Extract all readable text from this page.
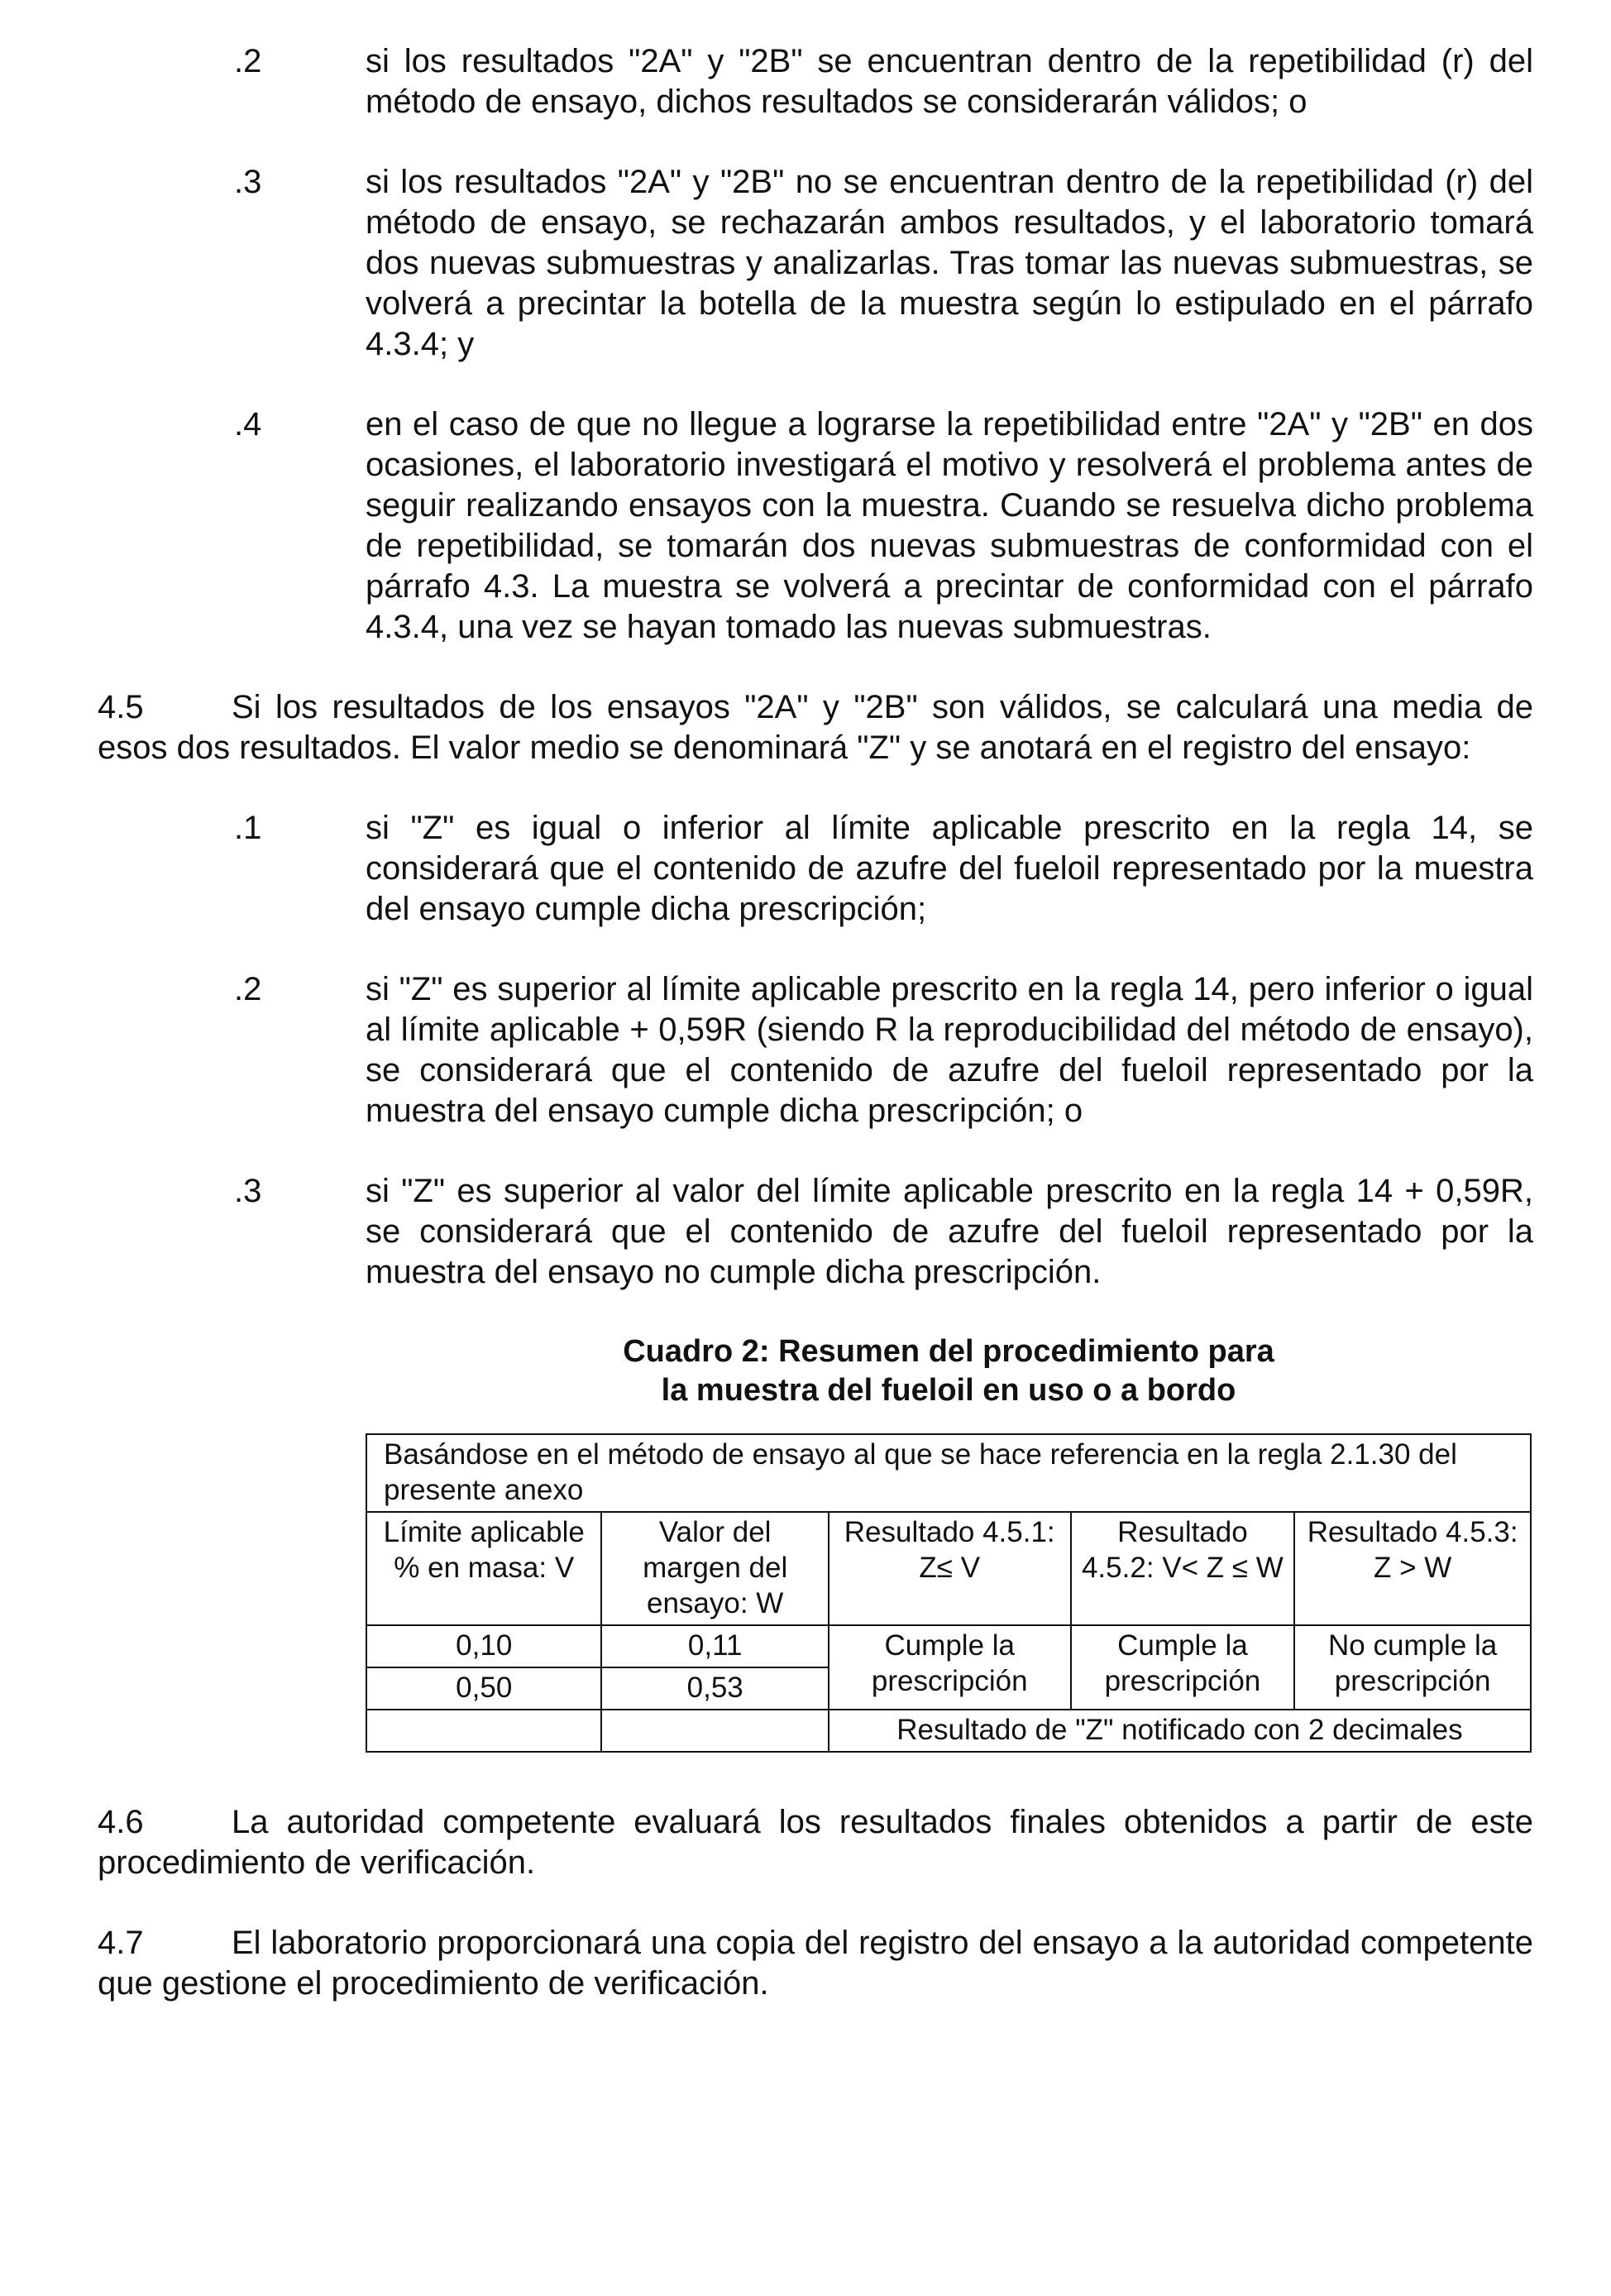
.2	si los resultados "2A" y "2B" se encuentran dentro de la repetibilidad (r) del método de ensayo, dichos resultados se considerarán válidos; o
.3	si los resultados "2A" y "2B" no se encuentran dentro de la repetibilidad (r) del método de ensayo, se rechazarán ambos resultados, y el laboratorio tomará dos nuevas submuestras y analizarlas. Tras tomar las nuevas submuestras, se volverá a precintar la botella de la muestra según lo estipulado en el párrafo 4.3.4; y
.4	en el caso de que no llegue a lograrse la repetibilidad entre "2A" y "2B" en dos ocasiones, el laboratorio investigará el motivo y resolverá el problema antes de seguir realizando ensayos con la muestra. Cuando se resuelva dicho problema de repetibilidad, se tomarán dos nuevas submuestras de conformidad con el párrafo 4.3. La muestra se volverá a precintar de conformidad con el párrafo 4.3.4, una vez se hayan tomado las nuevas submuestras.
4.5	Si los resultados de los ensayos "2A" y "2B" son válidos, se calculará una media de esos dos resultados. El valor medio se denominará "Z" y se anotará en el registro del ensayo:
.1	si "Z" es igual o inferior al límite aplicable prescrito en la regla 14, se considerará que el contenido de azufre del fueloil representado por la muestra del ensayo cumple dicha prescripción;
.2	si "Z" es superior al límite aplicable prescrito en la regla 14, pero inferior o igual al límite aplicable + 0,59R (siendo R la reproducibilidad del método de ensayo), se considerará que el contenido de azufre del fueloil representado por la muestra del ensayo cumple dicha prescripción; o
.3	si "Z" es superior al valor del límite aplicable prescrito en la regla 14 + 0,59R, se considerará que el contenido de azufre del fueloil representado por la muestra del ensayo no cumple dicha prescripción.
Cuadro 2: Resumen del procedimiento para
la muestra del fueloil en uso o a bordo
Basándose en el método de ensayo al que se hace referencia en la regla 2.1.30 del presente anexo				
Límite aplicable % en masa: V	Valor del margen del ensayo: W	Resultado 4.5.1: Z≤ V	Resultado 4.5.2: V< Z ≤ W	Resultado 4.5.3: Z > W
0,10	0,11	Cumple la prescripción	Cumple la prescripción	No cumple la prescripción
0,50	0,53			
		Resultado de "Z" notificado con 2 decimales		
4.6	La autoridad competente evaluará los resultados finales obtenidos a partir de este procedimiento de verificación.
4.7	El laboratorio proporcionará una copia del registro del ensayo a la autoridad competente que gestione el procedimiento de verificación.
